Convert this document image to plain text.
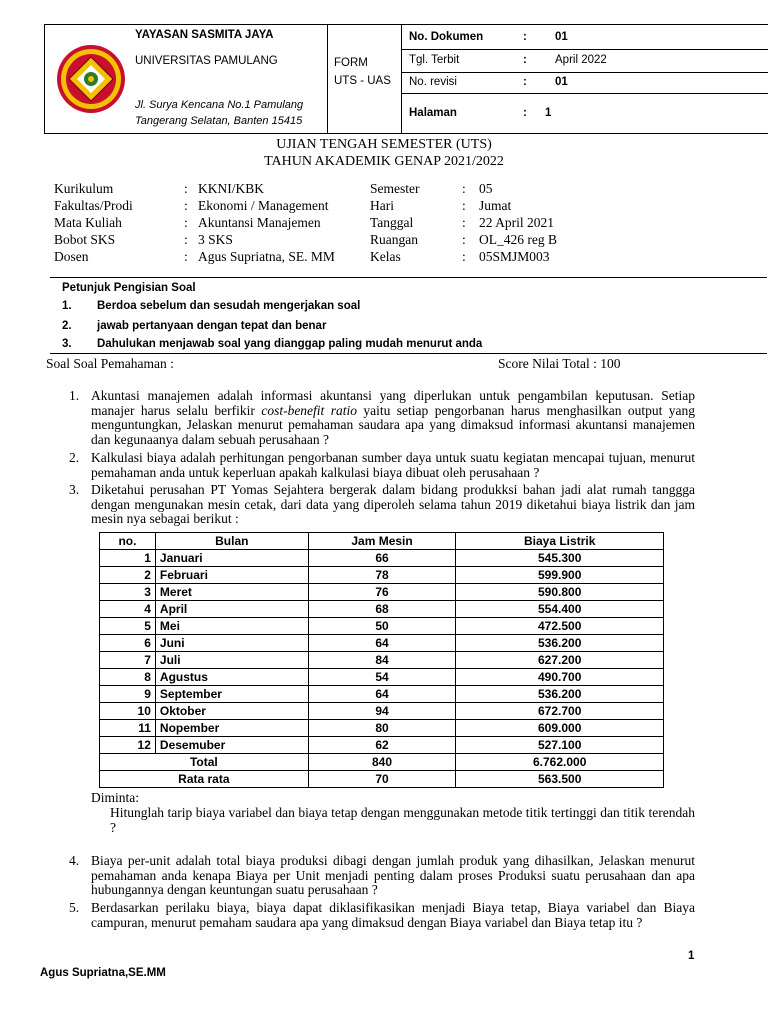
YAYASAN SASMITA JAYA
UNIVERSITAS PAMULANG
Jl. Surya Kencana No.1 Pamulang
Tangerang Selatan, Banten 15415
FORM
UTS - UAS
No. Dokumen	: 01
Tgl. Terbit	: April 2022
No. revisi	: 01
Halaman	: 1
UJIAN TENGAH SEMESTER (UTS)
TAHUN AKADEMIK GENAP 2021/2022
Kurikulum	: KKNI/KBK
Fakultas/Prodi	: Ekonomi / Management
Mata Kuliah	: Akuntansi Manajemen
Bobot SKS	: 3 SKS
Dosen	: Agus Supriatna, SE. MM
Semester	: 05
Hari	: Jumat
Tanggal	: 22 April 2021
Ruangan	: OL_426 reg B
Kelas	: 05SMJM003
Petunjuk Pengisian Soal
1. Berdoa sebelum dan sesudah mengerjakan soal
2. jawab pertanyaan dengan tepat dan benar
3. Dahulukan menjawab soal yang dianggap paling mudah menurut anda
Soal Soal Pemahaman :	Score Nilai Total : 100
1. Akuntasi manajemen adalah informasi akuntansi yang diperlukan untuk pengambilan keputusan. Setiap manajer harus selalu berfikir cost-benefit ratio yaitu setiap pengorbanan harus menghasilkan output yang menguntungkan, Jelaskan menurut pemahaman saudara apa yang dimaksud informasi akuntansi manajemen dan kegunaanya dalam sebuah perusahaan ?
2. Kalkulasi biaya adalah perhitungan pengorbanan sumber daya untuk suatu kegiatan mencapai tujuan, menurut pemahaman anda untuk keperluan apakah kalkulasi biaya dibuat oleh perusahaan ?
3. Diketahui perusahan PT Yomas Sejahtera bergerak dalam bidang produkksi bahan jadi alat rumah tanggga dengan mengunakan mesin cetak, dari data yang diperoleh selama tahun 2019 diketahui biaya listrik dan jam mesin nya sebagai berikut :
no.	Bulan	Jam Mesin	Biaya Listrik
1	Januari	66	545.300
2	Februari	78	599.900
3	Meret	76	590.800
4	April	68	554.400
5	Mei	50	472.500
6	Juni	64	536.200
7	Juli	84	627.200
8	Agustus	54	490.700
9	September	64	536.200
10	Oktober	94	672.700
11	Nopember	80	609.000
12	Desemuber	62	527.100
Total		840	6.762.000
Rata rata		70	563.500
Diminta:
Hitunglah tarip biaya variabel dan biaya tetap dengan menggunakan metode titik tertinggi dan titik terendah ?
4. Biaya per-unit adalah total biaya produksi dibagi dengan jumlah produk yang dihasilkan, Jelaskan menurut pemahaman anda kenapa Biaya per Unit menjadi penting dalam proses Produksi suatu perusahaan dan apa hubungannya dengan keuntungan suatu perusahaan ?
5. Berdasarkan perilaku biaya, biaya dapat diklasifikasikan menjadi Biaya tetap, Biaya variabel dan Biaya campuran, menurut pemaham saudara apa yang dimaksud dengan Biaya variabel dan Biaya tetap itu ?
1
Agus Supriatna,SE.MM
